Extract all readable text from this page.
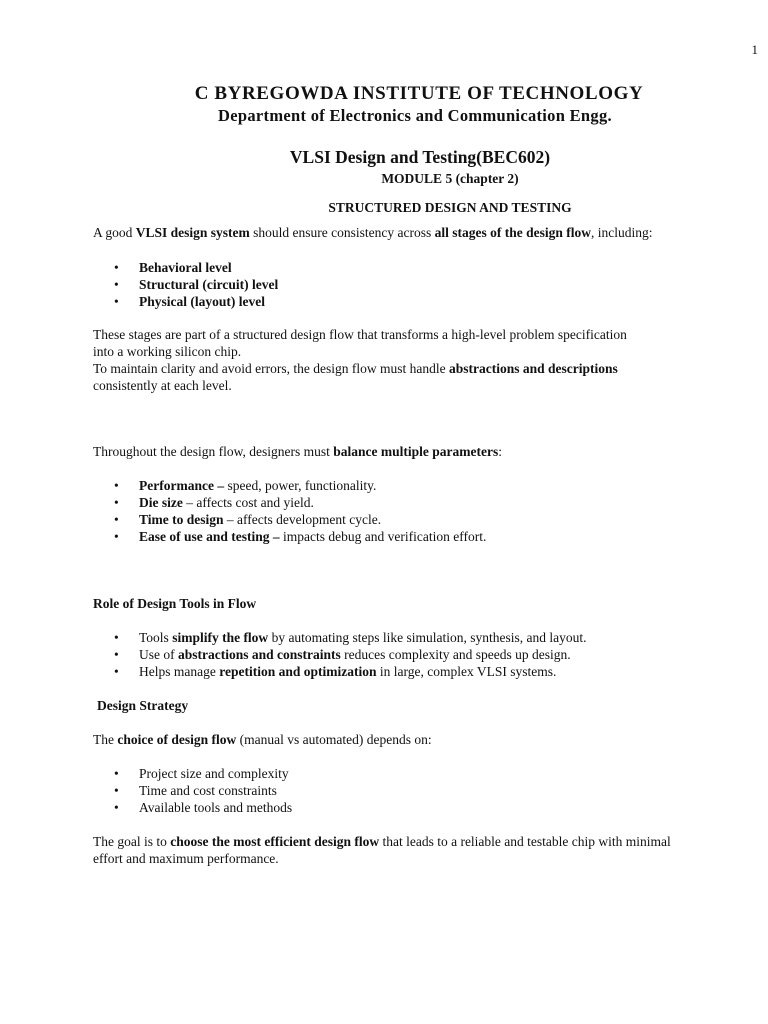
1
C BYREGOWDA INSTITUTE OF TECHNOLOGY
Department of Electronics and Communication Engg.
VLSI Design and Testing(BEC602)
MODULE 5 (chapter 2)
STRUCTURED DESIGN AND TESTING

A good VLSI design system should ensure consistency across all stages of the design flow, including:

• Behavioral level
• Structural (circuit) level
• Physical (layout) level

These stages are part of a structured design flow that transforms a high-level problem specification into a working silicon chip.

To maintain clarity and avoid errors, the design flow must handle abstractions and descriptions consistently at each level.

Throughout the design flow, designers must balance multiple parameters:

• Performance – speed, power, functionality.
• Die size – affects cost and yield.
• Time to design – affects development cycle.
• Ease of use and testing – impacts debug and verification effort.

Role of Design Tools in Flow

• Tools simplify the flow by automating steps like simulation, synthesis, and layout.
• Use of abstractions and constraints reduces complexity and speeds up design.
• Helps manage repetition and optimization in large, complex VLSI systems.

Design Strategy

The choice of design flow (manual vs automated) depends on:

• Project size and complexity
• Time and cost constraints
• Available tools and methods

The goal is to choose the most efficient design flow that leads to a reliable and testable chip with minimal effort and maximum performance.
